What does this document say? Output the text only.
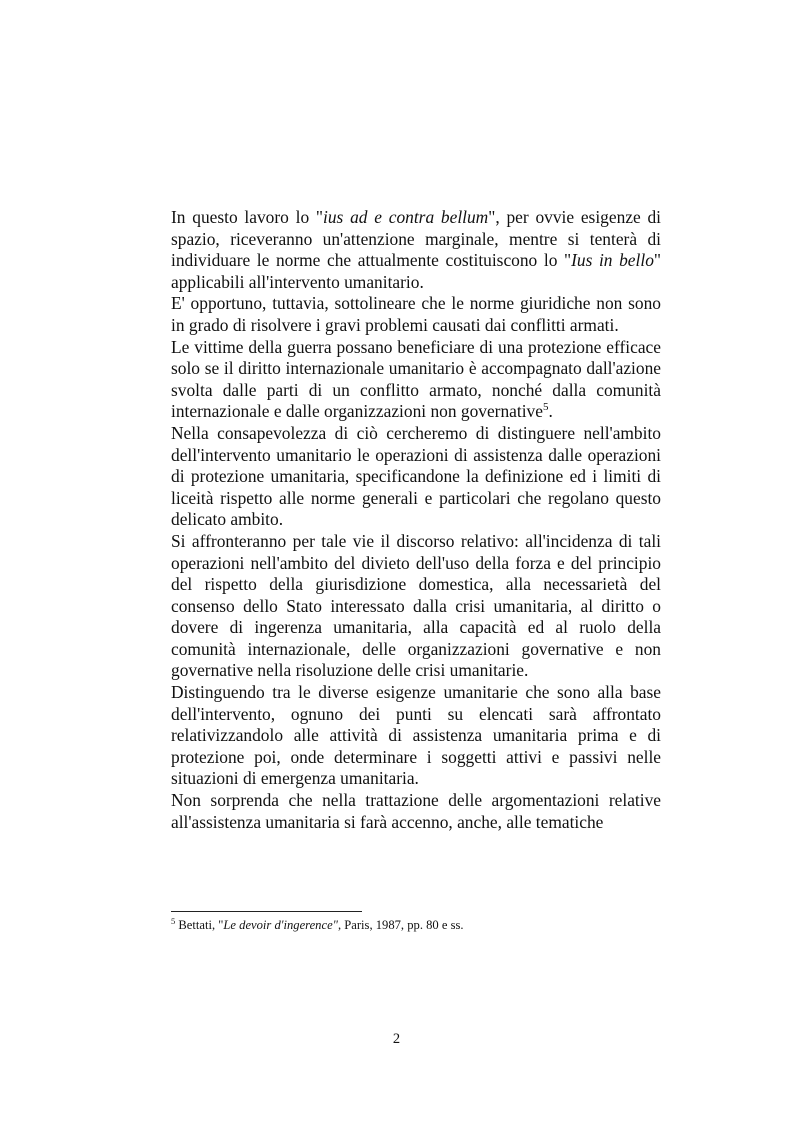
In questo lavoro lo "ius ad e contra bellum", per ovvie esigenze di spazio, riceveranno un'attenzione marginale, mentre si tenterà di individuare le norme che attualmente costituiscono lo "Ius in bello" applicabili all'intervento umanitario.

E' opportuno, tuttavia, sottolineare che le norme giuridiche non sono in grado di risolvere i gravi problemi causati dai conflitti armati.

Le vittime della guerra possano beneficiare di una protezione efficace solo se il diritto internazionale umanitario è accompagnato dall'azione svolta dalle parti di un conflitto armato, nonché dalla comunità internazionale e dalle organizzazioni non governative$^5$.

Nella consapevolezza di ciò cercheremo di distinguere nell'ambito dell'intervento umanitario le operazioni di assistenza dalle operazioni di protezione umanitaria, specificandone la definizione ed i limiti di liceità rispetto alle norme generali e particolari che regolano questo delicato ambito.

Si affronteranno per tale vie il discorso relativo: all'incidenza di tali operazioni nell'ambito del divieto dell'uso della forza e del principio del rispetto della giurisdizione domestica, alla necessarietà del consenso dello Stato interessato dalla crisi umanitaria, al diritto o dovere di ingerenza umanitaria, alla capacità ed al ruolo della comunità internazionale, delle organizzazioni governative e non governative nella risoluzione delle crisi umanitarie.

Distinguendo tra le diverse esigenze umanitarie che sono alla base dell'intervento, ognuno dei punti su elencati sarà affrontato relativizzandolo alle attività di assistenza umanitaria prima e di protezione poi, onde determinare i soggetti attivi e passivi nelle situazioni di emergenza umanitaria.

Non sorprenda che nella trattazione delle argomentazioni relative all'assistenza umanitaria si farà accenno, anche, alle tematiche

$^5$ Bettati, "Le devoir d'ingerence", Paris, 1987, pp. 80 e ss.
2
